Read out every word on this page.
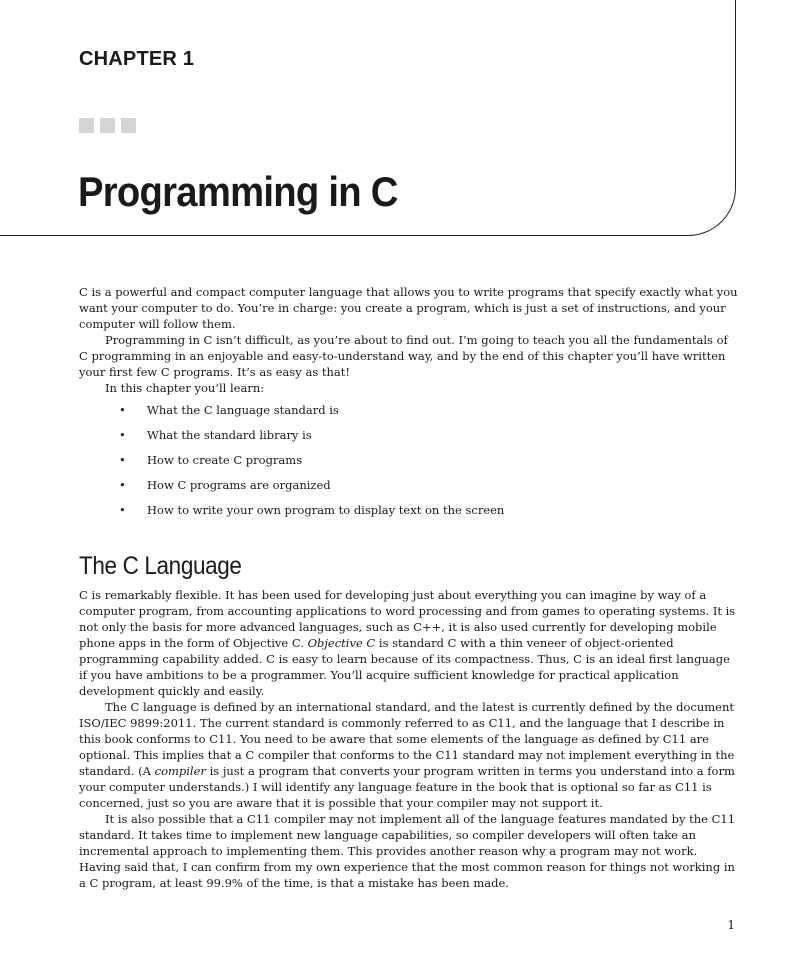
CHAPTER 1
Programming in C

C is a powerful and compact computer language that allows you to write programs that specify exactly what you want your computer to do. You’re in charge: you create a program, which is just a set of instructions, and your computer will follow them.

Programming in C isn’t difficult, as you’re about to find out. I’m going to teach you all the fundamentals of C programming in an enjoyable and easy-to-understand way, and by the end of this chapter you’ll have written your first few C programs. It’s as easy as that!

In this chapter you’ll learn:

• What the C language standard is
• What the standard library is
• How to create C programs
• How C programs are organized
• How to write your own program to display text on the screen
The C Language

C is remarkably flexible. It has been used for developing just about everything you can imagine by way of a computer program, from accounting applications to word processing and from games to operating systems. It is not only the basis for more advanced languages, such as C++, it is also used currently for developing mobile phone apps in the form of Objective C. Objective C is standard C with a thin veneer of object-oriented programming capability added. C is easy to learn because of its compactness. Thus, C is an ideal first language if you have ambitions to be a programmer. You’ll acquire sufficient knowledge for practical application development quickly and easily.

The C language is defined by an international standard, and the latest is currently defined by the document ISO/IEC 9899:2011. The current standard is commonly referred to as C11, and the language that I describe in this book conforms to C11. You need to be aware that some elements of the language as defined by C11 are optional. This implies that a C compiler that conforms to the C11 standard may not implement everything in the standard. (A compiler is just a program that converts your program written in terms you understand into a form your computer understands.) I will identify any language feature in the book that is optional so far as C11 is concerned, just so you are aware that it is possible that your compiler may not support it.

It is also possible that a C11 compiler may not implement all of the language features mandated by the C11 standard. It takes time to implement new language capabilities, so compiler developers will often take an incremental approach to implementing them. This provides another reason why a program may not work. Having said that, I can confirm from my own experience that the most common reason for things not working in a C program, at least 99.9% of the time, is that a mistake has been made.

1
